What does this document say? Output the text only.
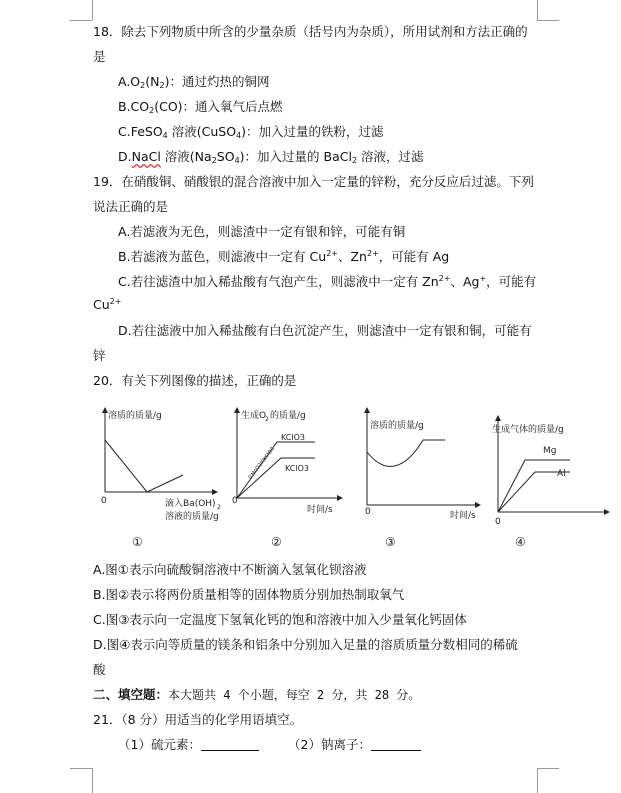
18．除去下列物质中所含的少量杂质（括号内为杂质），所用试剂和方法正确的
是
$A.O_2(N_2)$：通过灼热的铜网
$B.CO_2(CO)$：通入氧气后点燃
C.FeSO$_4$ 溶液(CuSO$_4$)：加入过量的铁粉，过滤
D.NaCl 溶液$(Na_2SO_4)$：加入过量的 BaCl$_2$ 溶液，过滤
19．在硝酸铜、硝酸银的混合溶液中加入一定量的锌粉，充分反应后过滤。下列
说法正确的是
A.若滤液为无色，则滤渣中一定有银和锌，可能有铜
B.若滤液为蓝色，则滤液中一定有 $Cu^{2+}$、$Zn^{2+}$，可能有 Ag
C.若往滤渣中加入稀盐酸有气泡产生，则滤液中一定有 $Zn^{2+}$、Ag+，可能有
$Cu^{2+}$
D.若往滤液中加入稀盐酸有白色沉淀产生，则滤渣中一定有银和铜，可能有
锌
20．有关下列图像的描述，正确的是
溶质的质量/g
0	滴入Ba(OH) 2
溶液的质量/g
①
生成O
2 的质量/g
KClO3
KClO3
有MnO2的KClO3
0
时间/s
②
溶质的质量/g
0	时间/s
③
生成气体的质量/g
Mg
Al
0
④
A.图①表示向硫酸铜溶液中不断滴入氢氧化钡溶液
B.图②表示将两份质量相等的固体物质分别加热制取氧气
C.图③表示向一定温度下氢氧化钙的饱和溶液中加入少量氧化钙固体
D.图④表示向等质量的镁条和铝条中分别加入足量的溶质质量分数相同的稀硫
酸
二、填空题：本大题共 4 个小题，每空 2 分，共 28 分。
21．（8 分）用适当的化学用语填空。
（1）硫元素：	（2）钠离子：
